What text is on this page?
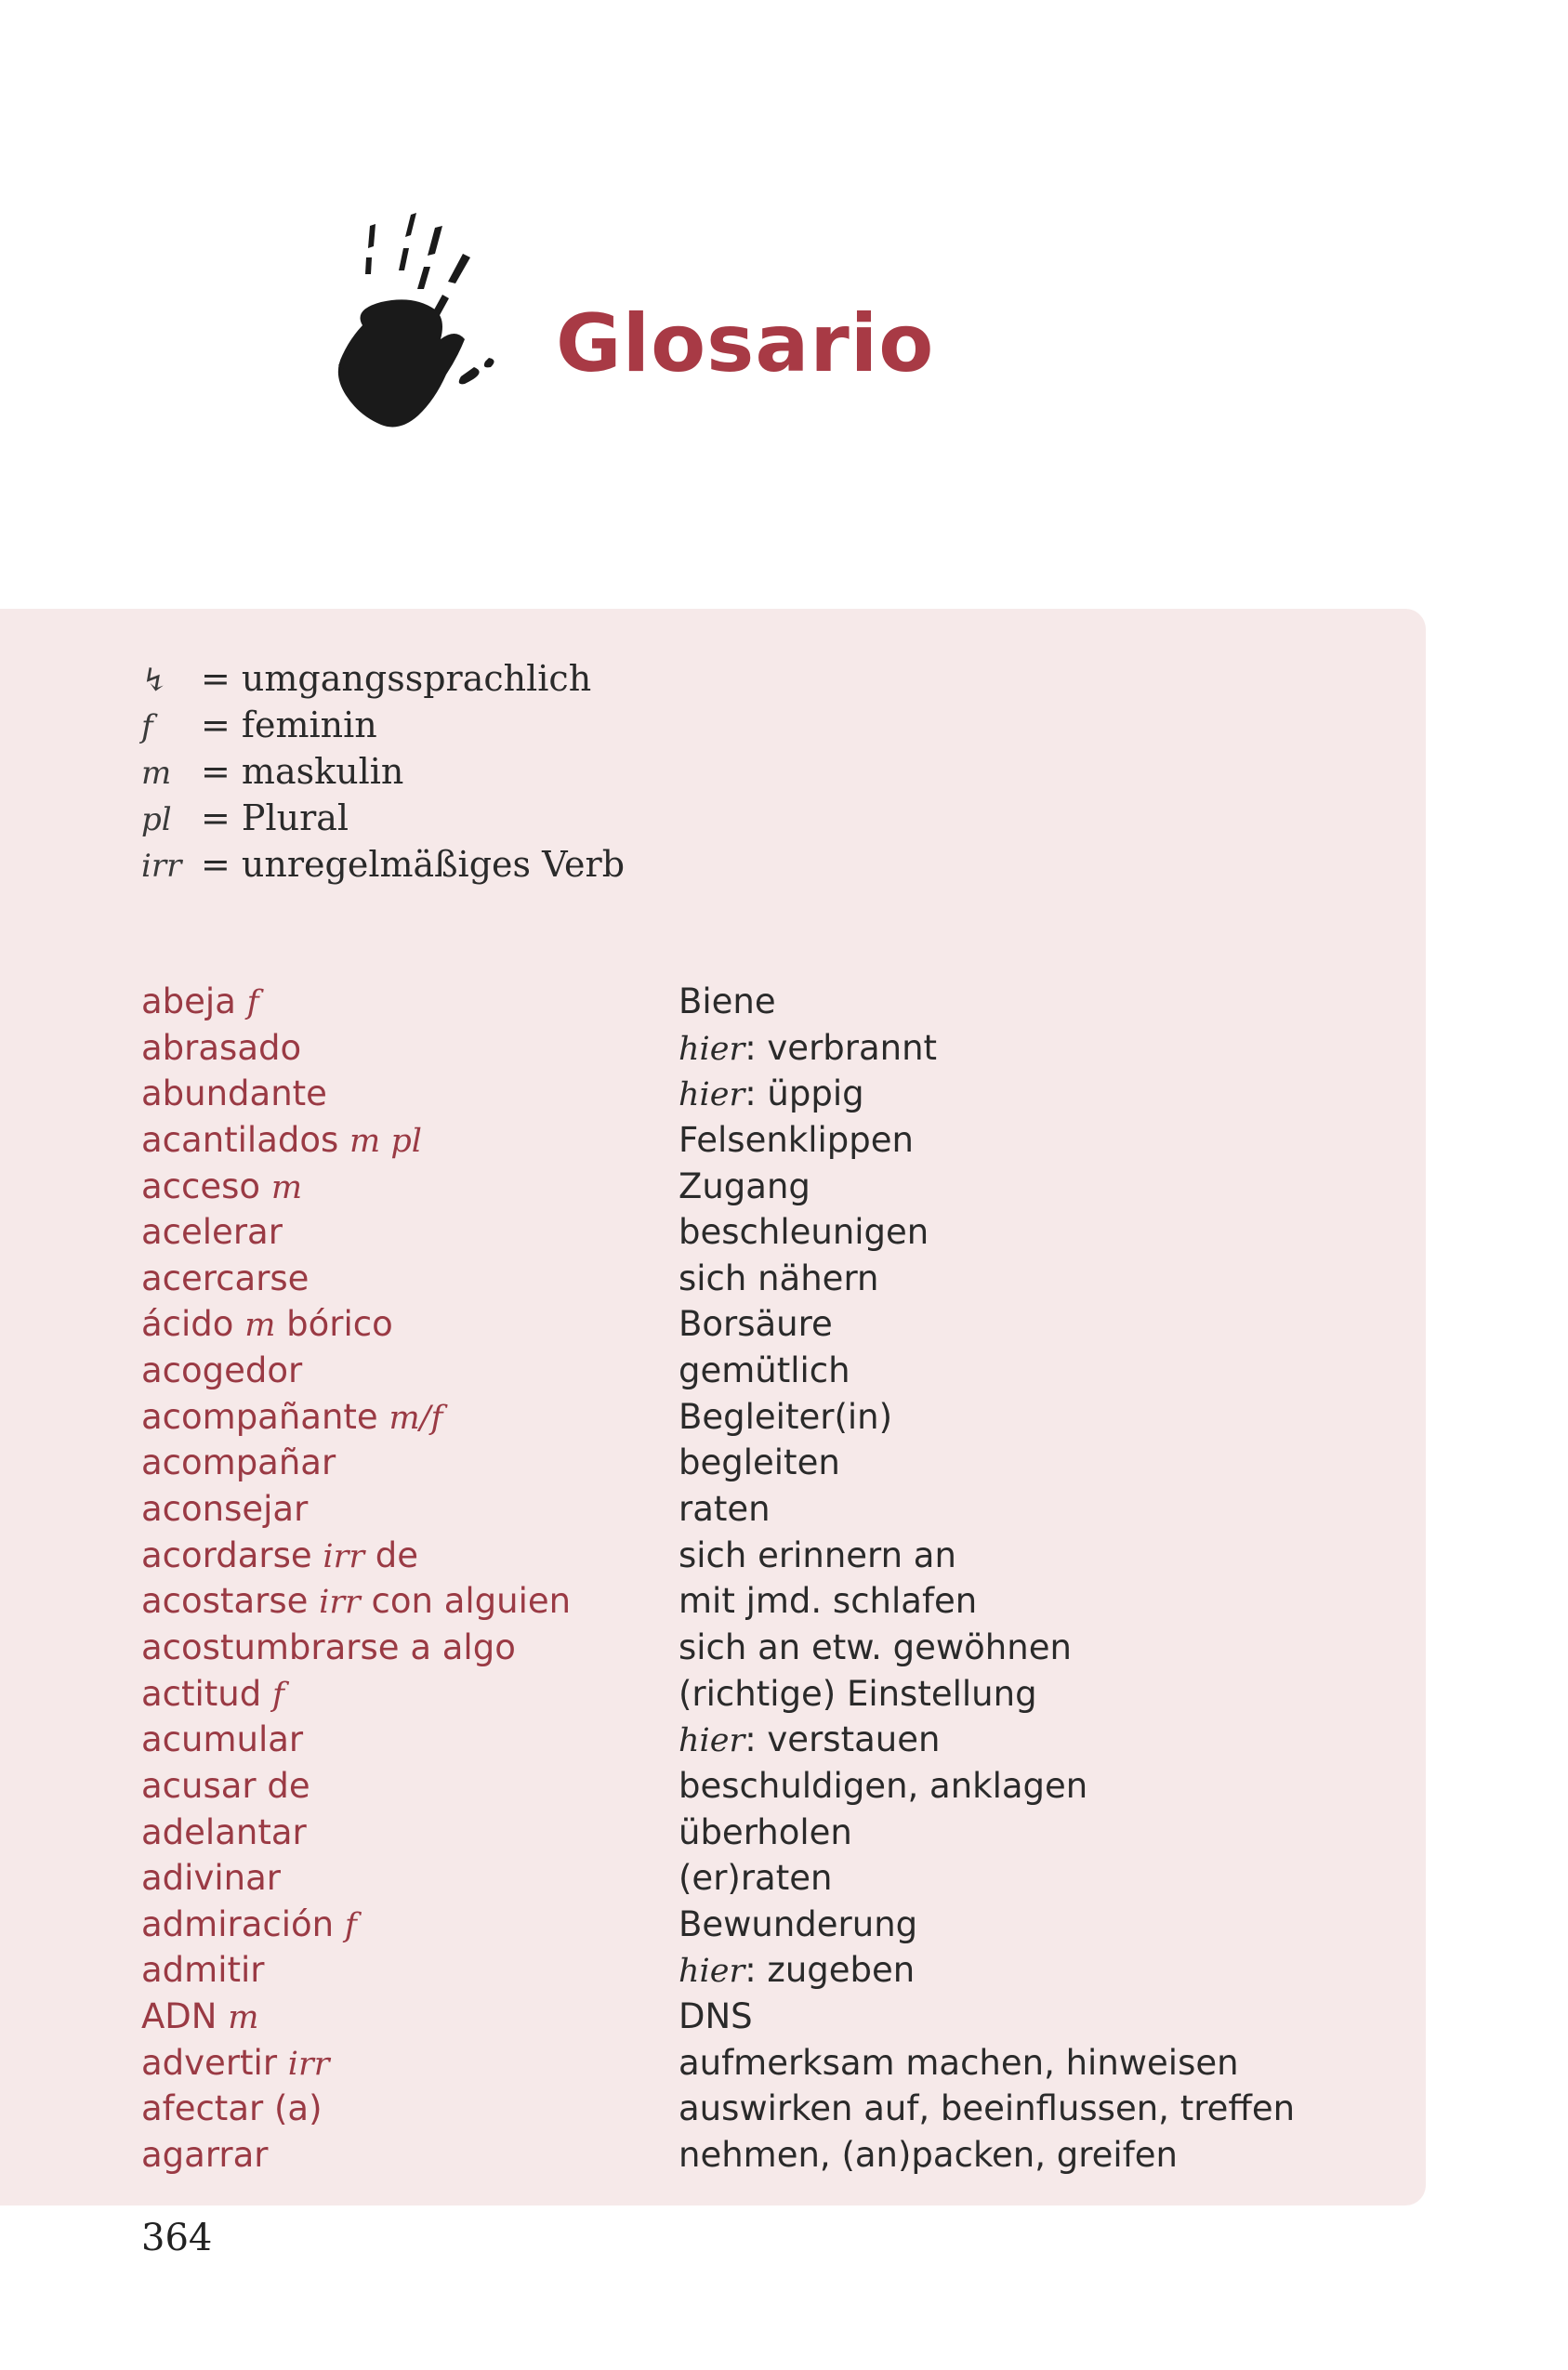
Glosario
↯ = umgangssprachlich
f = feminin
m = maskulin
pl = Plural
irr = unregelmäßiges Verb
abeja f	Biene
abrasado	hier: verbrannt
abundante	hier: üppig
acantilados m pl	Felsenklippen
acceso m	Zugang
acelerar	beschleunigen
acercarse	sich nähern
ácido m bórico	Borsäure
acogedor	gemütlich
acompañante m/f	Begleiter(in)
acompañar	begleiten
aconsejar	raten
acordarse irr de	sich erinnern an
acostarse irr con alguien	mit jmd. schlafen
acostumbrarse a algo	sich an etw. gewöhnen
actitud f	(richtige) Einstellung
acumular	hier: verstauen
acusar de	beschuldigen, anklagen
adelantar	überholen
adivinar	(er)raten
admiración f	Bewunderung
admitir	hier: zugeben
ADN m	DNS
advertir irr	aufmerksam machen, hinweisen
afectar (a)	auswirken auf, beeinflussen, treffen
agarrar	nehmen, (an)packen, greifen
364
